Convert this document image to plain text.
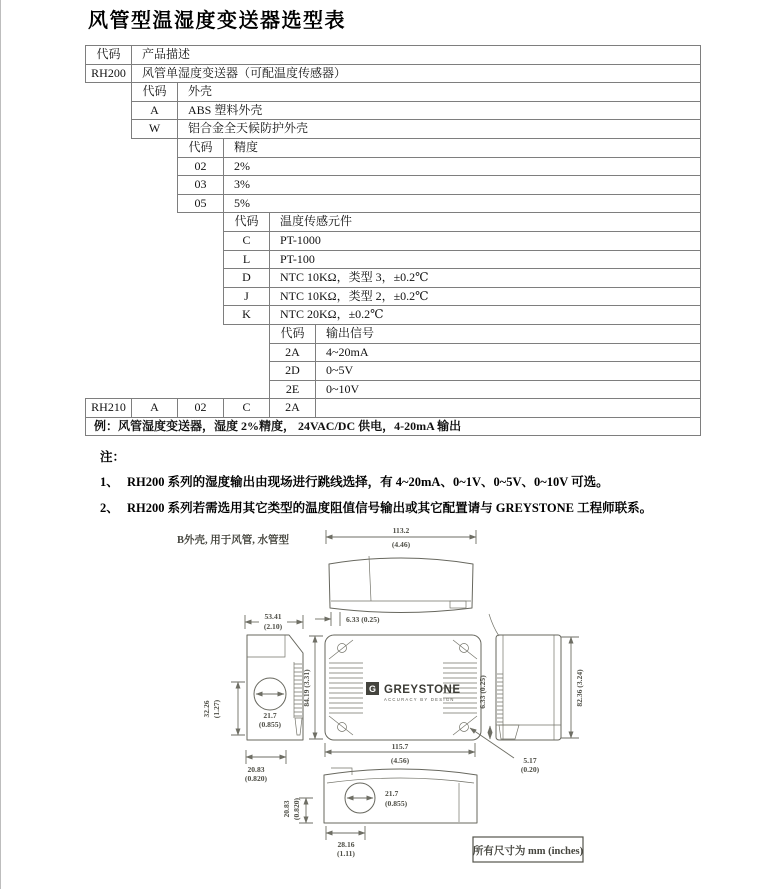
风管型温湿度变送器选型表
代码	产品描述
RH200	风管单湿度变送器（可配温度传感器）
代码	外壳
A	ABS 塑料外壳
W	铝合金全天候防护外壳
代码	精度
02	2%
03	3%
05	5%
代码	温度传感元件
C	PT-1000
L	PT-100
D	NTC 10KΩ，类型 3，±0.2℃
J	NTC 10KΩ，类型 2，±0.2℃
K	NTC 20KΩ，±0.2℃
代码	输出信号
2A	4~20mA
2D	0~5V
2E	0~10V
RH210	A	02	C	2A
例：风管湿度变送器，湿度 2%精度， 24VAC/DC 供电，4-20mA 输出
注：
1、 RH200 系列的湿度输出由现场进行跳线选择，有 4~20mA、0~1V、0~5V、0~10V 可选。
2、 RH200 系列若需选用其它类型的温度阻值信号输出或其它配置请与 GREYSTONE 工程师联系。
B外壳, 用于风管, 水管型
113.2
(4.46)
21.7
(0.855)
53.41
(2.10)
32.26 (1.27)
20.83
(0.820)
G GREYSTONE
ACCURACY BY DESIGN
6.33 (0.25)
84.19 (3.31)
115.7
(4.56)	5.17
(0.20)
6.33 (0.25)	82.36 (3.24)
21.7
(0.855)
20.83 (0.820)
28.16
(1.11)	所有尺寸为 mm (inches)
